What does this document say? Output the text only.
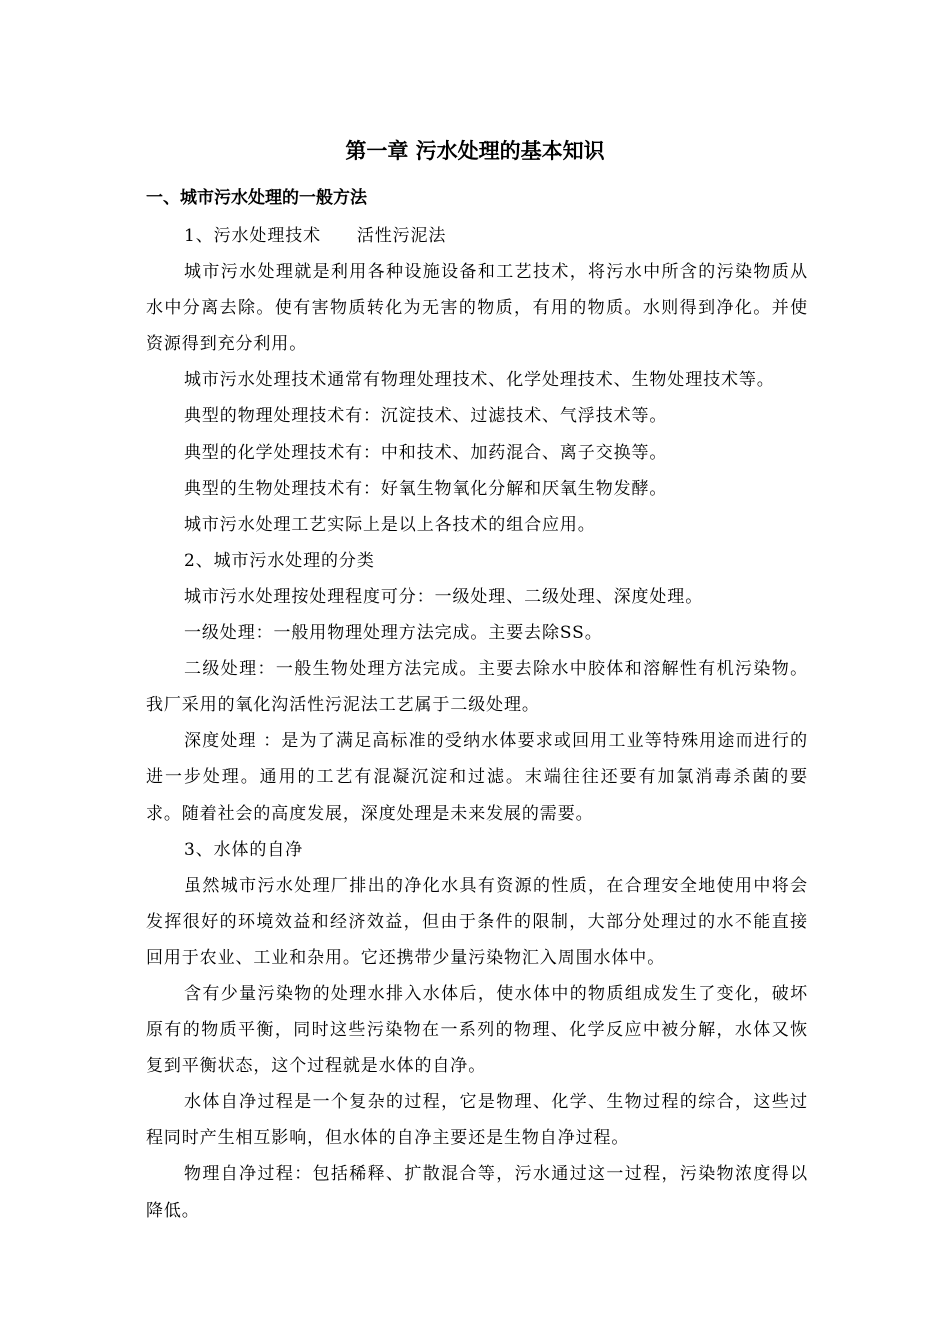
第一章 污水处理的基本知识
一、城市污水处理的一般方法

1、污水处理技术　　活性污泥法

城市污水处理就是利用各种设施设备和工艺技术，将污水中所含的污染物质从水中分离去除。使有害物质转化为无害的物质，有用的物质。水则得到净化。并使资源得到充分利用。

城市污水处理技术通常有物理处理技术、化学处理技术、生物处理技术等。

典型的物理处理技术有：沉淀技术、过滤技术、气浮技术等。

典型的化学处理技术有：中和技术、加药混合、离子交换等。

典型的生物处理技术有：好氧生物氧化分解和厌氧生物发酵。

城市污水处理工艺实际上是以上各技术的组合应用。

2、城市污水处理的分类

城市污水处理按处理程度可分：一级处理、二级处理、深度处理。

一级处理：一般用物理处理方法完成。主要去除SS。

二级处理：一般生物处理方法完成。主要去除水中胶体和溶解性有机污染物。我厂采用的氧化沟活性污泥法工艺属于二级处理。

深度处理 ：是为了满足高标准的受纳水体要求或回用工业等特殊用途而进行的进一步处理。通用的工艺有混凝沉淀和过滤。末端往往还要有加氯消毒杀菌的要求。随着社会的高度发展，深度处理是未来发展的需要。

3、水体的自净

虽然城市污水处理厂排出的净化水具有资源的性质，在合理安全地使用中将会发挥很好的环境效益和经济效益，但由于条件的限制，大部分处理过的水不能直接回用于农业、工业和杂用。它还携带少量污染物汇入周围水体中。

含有少量污染物的处理水排入水体后，使水体中的物质组成发生了变化，破坏原有的物质平衡，同时这些污染物在一系列的物理、化学反应中被分解，水体又恢复到平衡状态，这个过程就是水体的自净。

水体自净过程是一个复杂的过程，它是物理、化学、生物过程的综合，这些过程同时产生相互影响，但水体的自净主要还是生物自净过程。

物理自净过程：包括稀释、扩散混合等，污水通过这一过程，污染物浓度得以降低。
